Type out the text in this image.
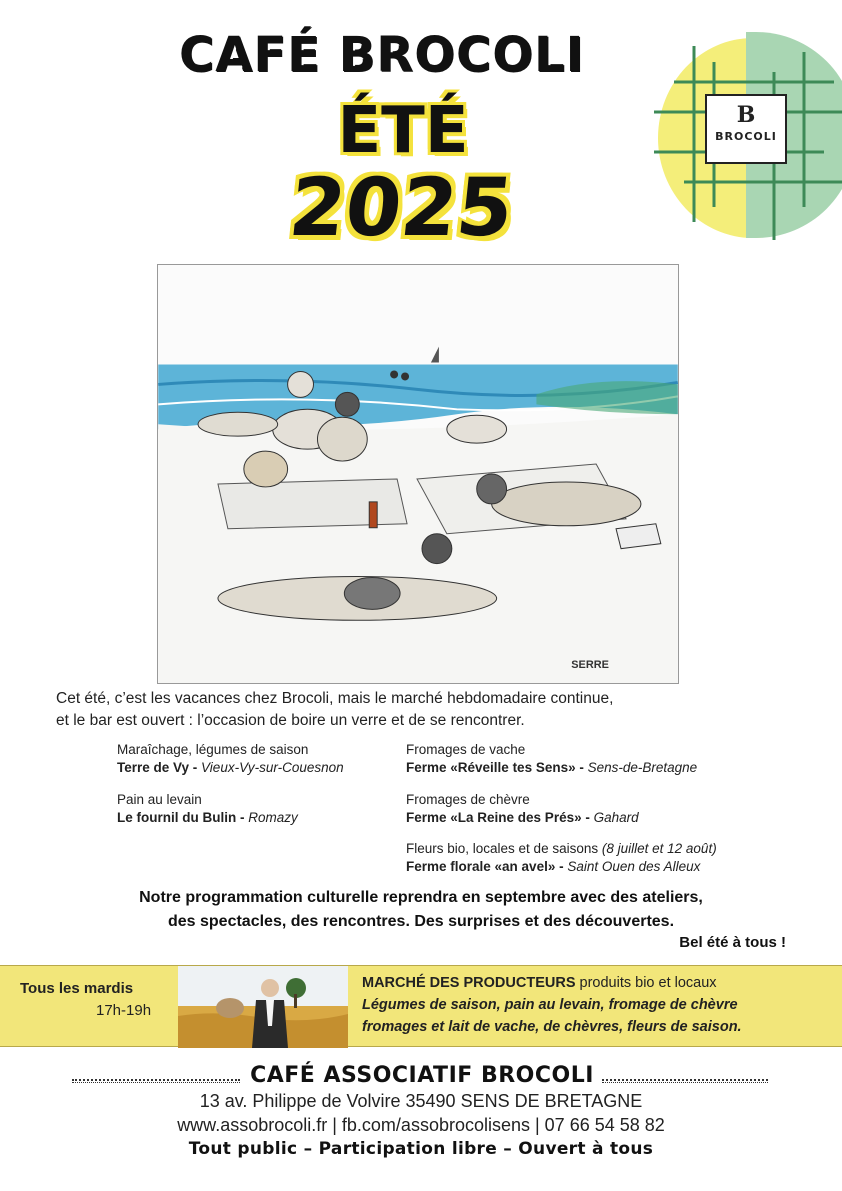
CAFÉ BROCOLI
ÉTÉ
2025
B
BROCOLI
SERRE
Cet été, c’est les vacances chez Brocoli, mais le marché hebdomadaire continue,
et le bar est ouvert : l’occasion de boire un verre et de se rencontrer.
Maraîchage, légumes de saison
Terre de Vy - Vieux-Vy-sur-Couesnon
Pain au levain
Le fournil du Bulin - Romazy
Fromages de vache
Ferme «Réveille tes Sens» - Sens-de-Bretagne
Fromages de chèvre
Ferme «La Reine des Prés» - Gahard
Fleurs bio, locales et de saisons (8 juillet et 12 août)
Ferme florale «an avel» - Saint Ouen des Alleux
Notre programmation culturelle reprendra en septembre avec des ateliers,
des spectacles, des rencontres. Des surprises et des découvertes.
Bel été à tous !
Tous les mardis
17h-19h
MARCHÉ DES PRODUCTEURS produits bio et locaux
Légumes de saison, pain au levain, fromage de chèvre
fromages et lait de vache, de chèvres, fleurs de saison.
CAFÉ ASSOCIATIF BROCOLI
13 av. Philippe de Volvire 35490 SENS DE BRETAGNE
www.assobrocoli.fr | fb.com/assobrocolisens | 07 66 54 58 82
Tout public – Participation libre – Ouvert à tous
